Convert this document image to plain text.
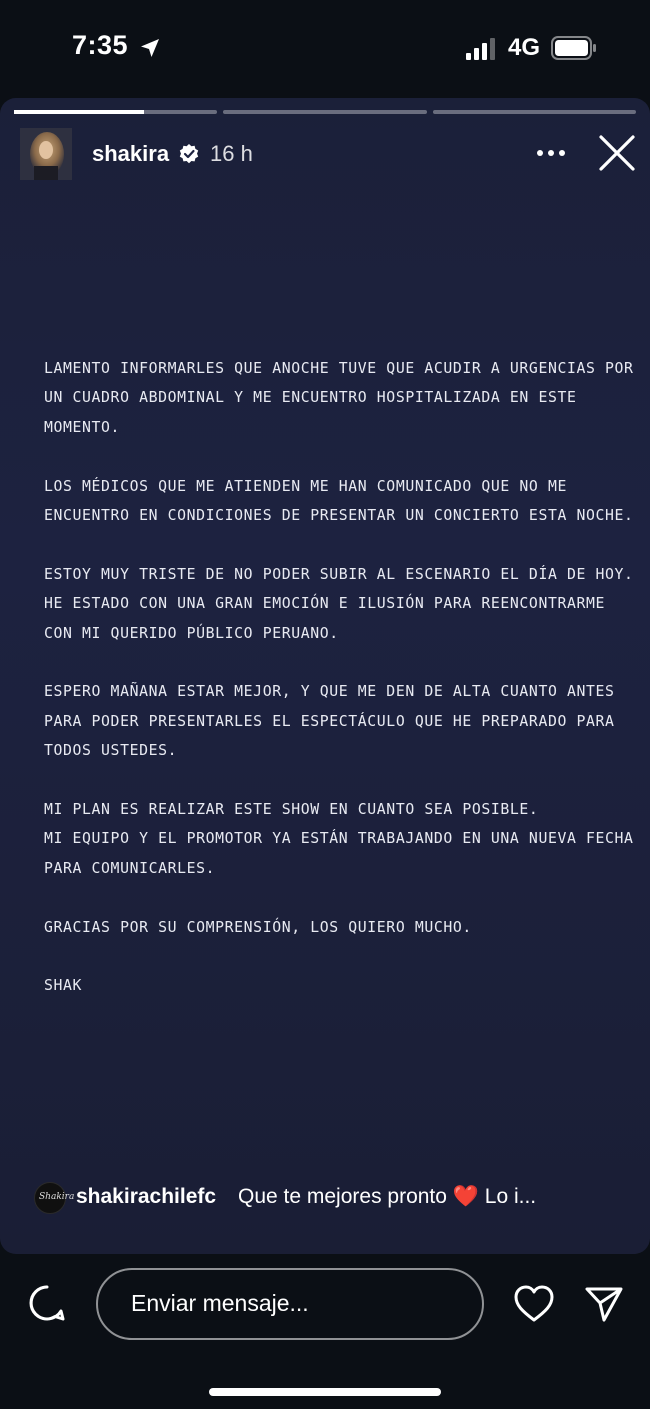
7:35	4G
shakira 16 h

LAMENTO INFORMARLES QUE ANOCHE TUVE QUE ACUDIR A URGENCIAS POR UN CUADRO ABDOMINAL Y ME ENCUENTRO HOSPITALIZADA EN ESTE MOMENTO.

LOS MÉDICOS QUE ME ATIENDEN ME HAN COMUNICADO QUE NO ME ENCUENTRO EN CONDICIONES DE PRESENTAR UN CONCIERTO ESTA NOCHE.

ESTOY MUY TRISTE DE NO PODER SUBIR AL ESCENARIO EL DÍA DE HOY. HE ESTADO CON UNA GRAN EMOCIÓN E ILUSIÓN PARA REENCONTRARME CON MI QUERIDO PÚBLICO PERUANO.

ESPERO MAÑANA ESTAR MEJOR, Y QUE ME DEN DE ALTA CUANTO ANTES PARA PODER PRESENTARLES EL ESPECTÁCULO QUE HE PREPARADO PARA TODOS USTEDES.

MI PLAN ES REALIZAR ESTE SHOW EN CUANTO SEA POSIBLE.
MI EQUIPO Y EL PROMOTOR YA ESTÁN TRABAJANDO EN UNA NUEVA FECHA PARA COMUNICARLES.

GRACIAS POR SU COMPRENSIÓN, LOS QUIERO MUCHO.

SHAK

Shakira shakirachilefc Que te mejores pronto ❤️ Lo i...
Enviar mensaje...
